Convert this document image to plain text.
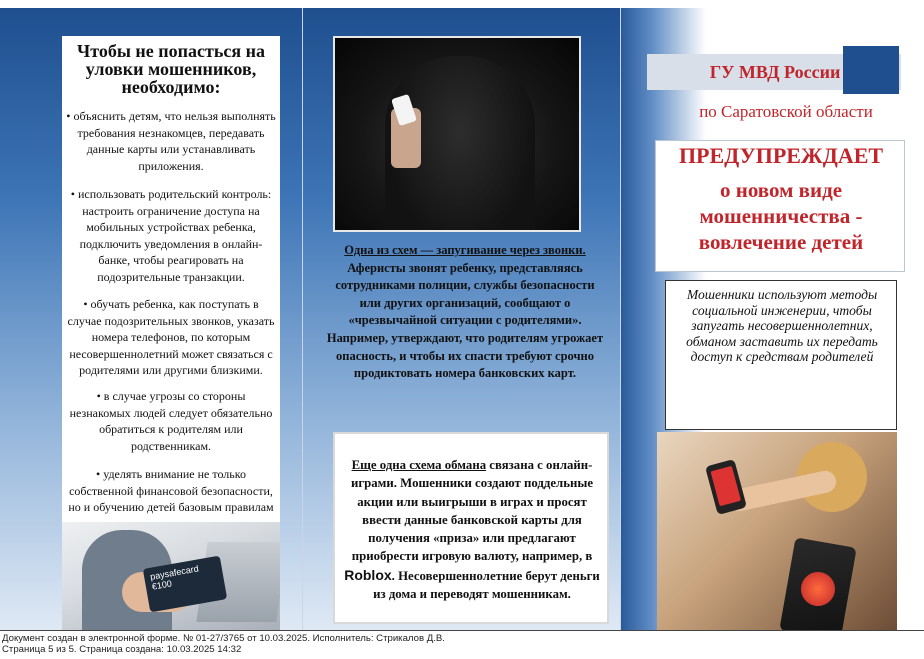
Чтобы не попасться на уловки мошенников, необходимо:
• объяснить детям, что нельзя выполнять требования незнакомцев, передавать данные карты или устанавливать приложения.
• использовать родительский контроль: настроить ограничение доступа на мобильных устройствах ребенка, подключить уведомления в онлайн-банке, чтобы реагировать на подозрительные транзакции.
• обучать ребенка, как поступать в случае подозрительных звонков, указать номера телефонов, по которым несовершеннолетний может связаться с родителями или другими близкими.
• в случае угрозы со стороны незнакомых людей следует обязательно обратиться к родителям или родственникам.
• уделять внимание не только собственной финансовой безопасности, но и обучению детей базовым правилам
paysafecard €100
Одна из схем — запугивание через звонки. Аферисты звонят ребенку, представляясь сотрудниками полиции, службы безопасности или других организаций, сообщают о «чрезвычайной ситуации с родителями». Например, утверждают, что родителям угрожает опасность, и чтобы их спасти требуют срочно продиктовать номера банковских карт.
Еще одна схема обмана связана с онлайн-играми. Мошенники создают поддельные акции или выигрыши в играх и просят ввести данные банковской карты для получения «приза» или предлагают приобрести игровую валюту, например, в Roblox. Несовершеннолетние берут деньги из дома и переводят мошенникам.
ГУ МВД России
по Саратовской области
ПРЕДУПРЕЖДАЕТ
о новом виде мошенничества - вовлечение детей
Мошенники используют методы социальной инженерии, чтобы запугать несовершеннолетних, обманом заставить их передать доступ к средствам родителей
Документ создан в электронной форме. № 01-27/3765 от 10.03.2025. Исполнитель: Стрикалов Д.В.
Страница 5 из 5. Страница создана: 10.03.2025 14:32
